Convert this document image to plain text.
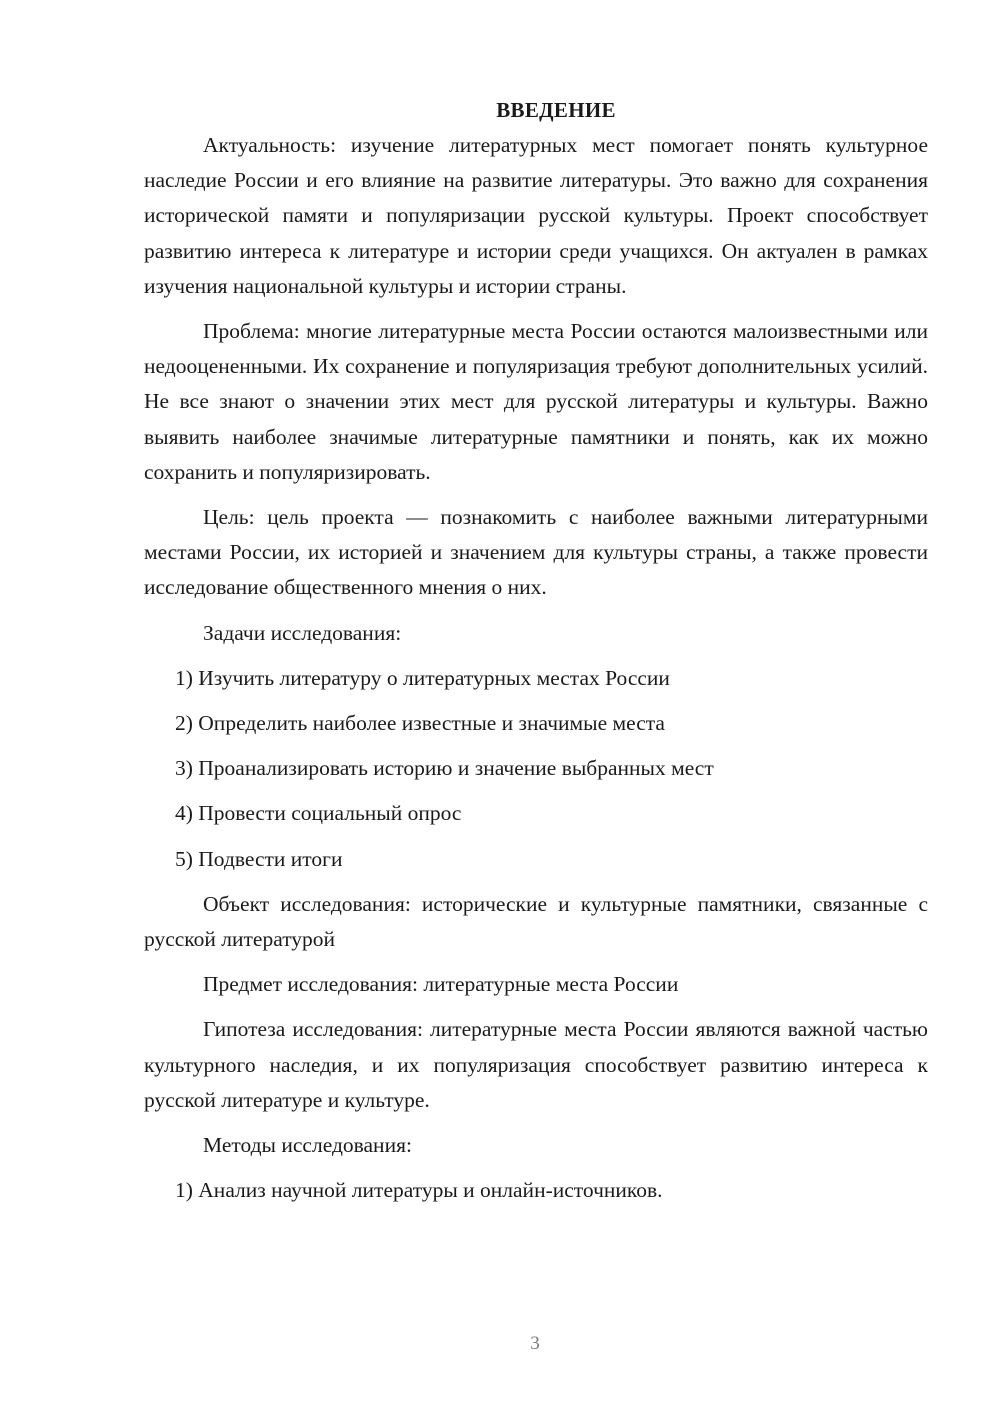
ВВЕДЕНИЕ

Актуальность: изучение литературных мест помогает понять культурное наследие России и его влияние на развитие литературы. Это важно для сохранения исторической памяти и популяризации русской культуры. Проект способствует развитию интереса к литературе и истории среди учащихся. Он актуален в рамках изучения национальной культуры и истории страны.

Проблема: многие литературные места России остаются малоизвестными или недооцененными. Их сохранение и популяризация требуют дополнительных усилий. Не все знают о значении этих мест для русской литературы и культуры. Важно выявить наиболее значимые литературные памятники и понять, как их можно сохранить и популяризировать.

Цель: цель проекта — познакомить с наиболее важными литературными местами России, их историей и значением для культуры страны, а также провести исследование общественного мнения о них.

Задачи исследования:

1) Изучить литературу о литературных местах России

2) Определить наиболее известные и значимые места

3) Проанализировать историю и значение выбранных мест

4) Провести социальный опрос

5) Подвести итоги

Объект исследования: исторические и культурные памятники, связанные с русской литературой

Предмет исследования: литературные места России

Гипотеза исследования: литературные места России являются важной частью культурного наследия, и их популяризация способствует развитию интереса к русской литературе и культуре.

Методы исследования:

1) Анализ научной литературы и онлайн-источников.

3
